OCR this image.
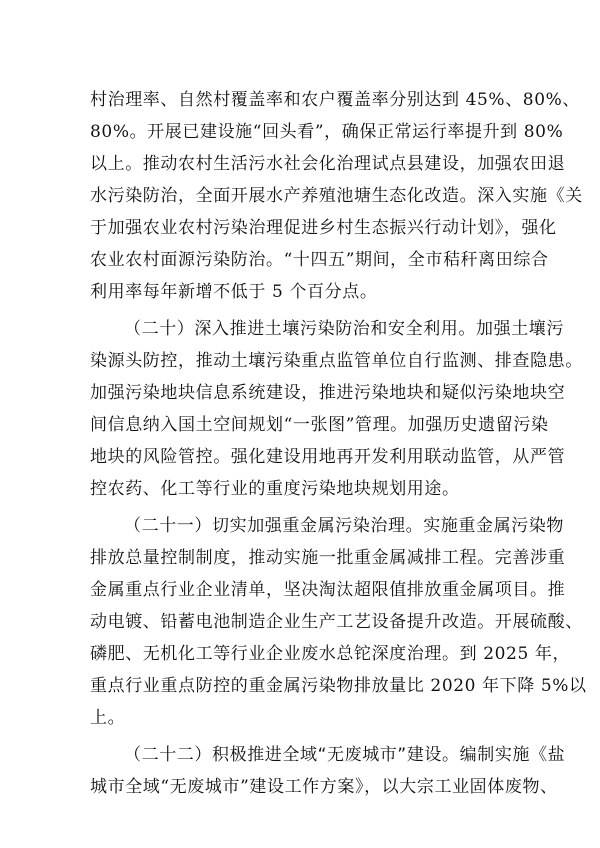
村治理率、自然村覆盖率和农户覆盖率分别达到 45%、80%、
80%。开展已建设施“回头看”，确保正常运行率提升到 80%
以上。推动农村生活污水社会化治理试点县建设，加强农田退
水污染防治，全面开展水产养殖池塘生态化改造。深入实施《关
于加强农业农村污染治理促进乡村生态振兴行动计划》，强化
农业农村面源污染防治。“十四五”期间，全市秸秆离田综合
利用率每年新增不低于 5 个百分点。
（二十）深入推进土壤污染防治和安全利用。加强土壤污
染源头防控，推动土壤污染重点监管单位自行监测、排查隐患。
加强污染地块信息系统建设，推进污染地块和疑似污染地块空
间信息纳入国土空间规划“一张图”管理。加强历史遗留污染
地块的风险管控。强化建设用地再开发利用联动监管，从严管
控农药、化工等行业的重度污染地块规划用途。
（二十一）切实加强重金属污染治理。实施重金属污染物
排放总量控制制度，推动实施一批重金属减排工程。完善涉重
金属重点行业企业清单，坚决淘汰超限值排放重金属项目。推
动电镀、铅蓄电池制造企业生产工艺设备提升改造。开展硫酸、
磷肥、无机化工等行业企业废水总铊深度治理。到 2025 年，
重点行业重点防控的重金属污染物排放量比 2020 年下降 5%以
上。
（二十二）积极推进全域“无废城市”建设。编制实施《盐
城市全域“无废城市”建设工作方案》，以大宗工业固体废物、
